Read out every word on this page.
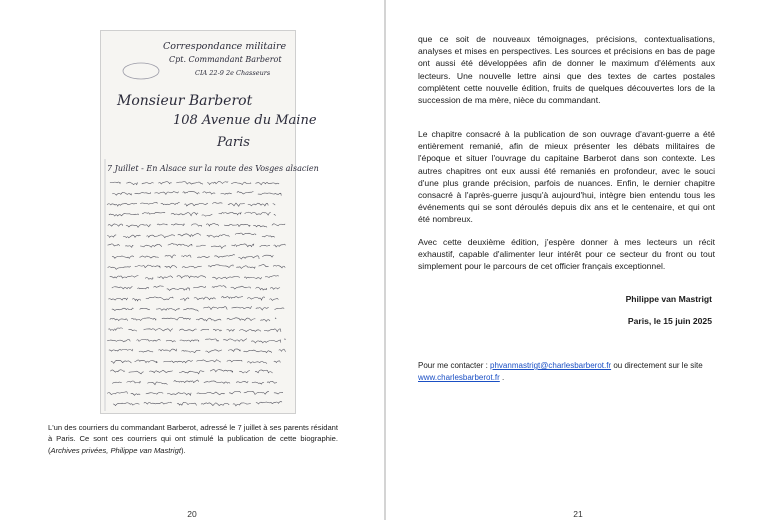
Correspondance militaire
Cpt. Commandant Barberot
CIA 22-9 2e Chasseurs
Monsieur Barberot
108 Avenue du Maine
Paris
7 Juillet - En Alsace sur la route des Vosges alsacien

L'un des courriers du commandant Barberot, adressé le 7 juillet à ses parents résidant à Paris. Ce sont ces courriers qui ont stimulé la publication de cette biographie. (Archives privées, Philippe van Mastrigt).

20	21

que ce soit de nouveaux témoignages, précisions, contextualisations, analyses et mises en perspectives. Les sources et précisions en bas de page ont aussi été développées afin de donner le maximum d'éléments aux lecteurs. Une nouvelle lettre ainsi que des textes de cartes postales complètent cette nouvelle édition, fruits de quelques découvertes lors de la succession de ma mère, nièce du commandant.

Le chapitre consacré à la publication de son ouvrage d'avant-guerre a été entièrement remanié, afin de mieux présenter les débats militaires de l'époque et situer l'ouvrage du capitaine Barberot dans son contexte. Les autres chapitres ont eux aussi été remaniés en profondeur, avec le souci d'une plus grande précision, parfois de nuances. Enfin, le dernier chapitre consacré à l'après-guerre jusqu'à aujourd'hui, intègre bien entendu tous les événements qui se sont déroulés depuis dix ans et le centenaire, et qui ont été nombreux.

Avec cette deuxième édition, j'espère donner à mes lecteurs un récit exhaustif, capable d'alimenter leur intérêt pour ce secteur du front ou tout simplement pour le parcours de cet officier français exceptionnel.

Philippe van Mastrigt
Paris, le 15 juin 2025

Pour me contacter : phvanmastrigt@charlesbarberot.fr ou directement sur le site www.charlesbarberot.fr .
